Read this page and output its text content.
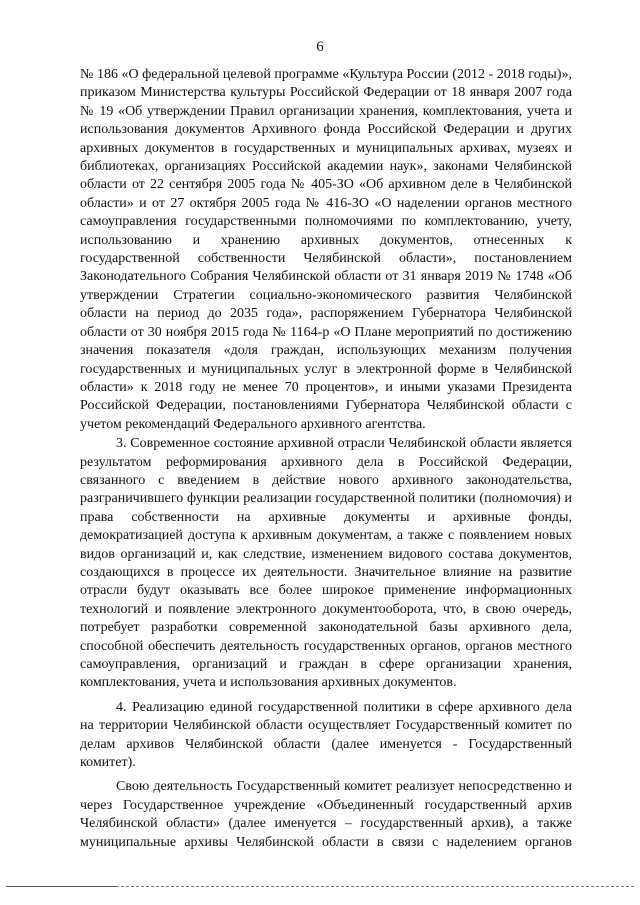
6

№ 186 «О федеральной целевой программе «Культура России (2012 - 2018 годы)», приказом Министерства культуры Российской Федерации от 18 января 2007 года № 19 «Об утверждении Правил организации хранения, комплектования, учета и использования документов Архивного фонда Российской Федерации и других архивных документов в государственных и муниципальных архивах, музеях и библиотеках, организациях Российской академии наук», законами Челябинской области от 22 сентября 2005 года № 405-ЗО «Об архивном деле в Челябинской области» и от 27 октября 2005 года № 416-ЗО «О наделении органов местного самоуправления государственными полномочиями по комплектованию, учету, использованию и хранению архивных документов, отнесенных к государственной собственности Челябинской области», постановлением Законодательного Собрания Челябинской области от 31 января 2019 № 1748 «Об утверждении Стратегии социально-экономического развития Челябинской области на период до 2035 года», распоряжением Губернатора Челябинской области от 30 ноября 2015 года № 1164-р «О Плане мероприятий по достижению значения показателя «доля граждан, использующих механизм получения государственных и муниципальных услуг в электронной форме в Челябинской области» к 2018 году не менее 70 процентов», и иными указами Президента Российской Федерации, постановлениями Губернатора Челябинской области с учетом рекомендаций Федерального архивного агентства.

3. Современное состояние архивной отрасли Челябинской области является результатом реформирования архивного дела в Российской Федерации, связанного с введением в действие нового архивного законодательства, разграничившего функции реализации государственной политики (полномочия) и права собственности на архивные документы и архивные фонды, демократизацией доступа к архивным документам, а также с появлением новых видов организаций и, как следствие, изменением видового состава документов, создающихся в процессе их деятельности. Значительное влияние на развитие отрасли будут оказывать все более широкое применение информационных технологий и появление электронного документооборота, что, в свою очередь, потребует разработки современной законодательной базы архивного дела, способной обеспечить деятельность государственных органов, органов местного самоуправления, организаций и граждан в сфере организации хранения, комплектования, учета и использования архивных документов.

4. Реализацию единой государственной политики в сфере архивного дела на территории Челябинской области осуществляет Государственный комитет по делам архивов Челябинской области (далее именуется - Государственный комитет).

Свою деятельность Государственный комитет реализует непосредственно и через Государственное учреждение «Объединенный государственный архив Челябинской области» (далее именуется – государственный архив), а также муниципальные архивы Челябинской области в связи с наделением органов
